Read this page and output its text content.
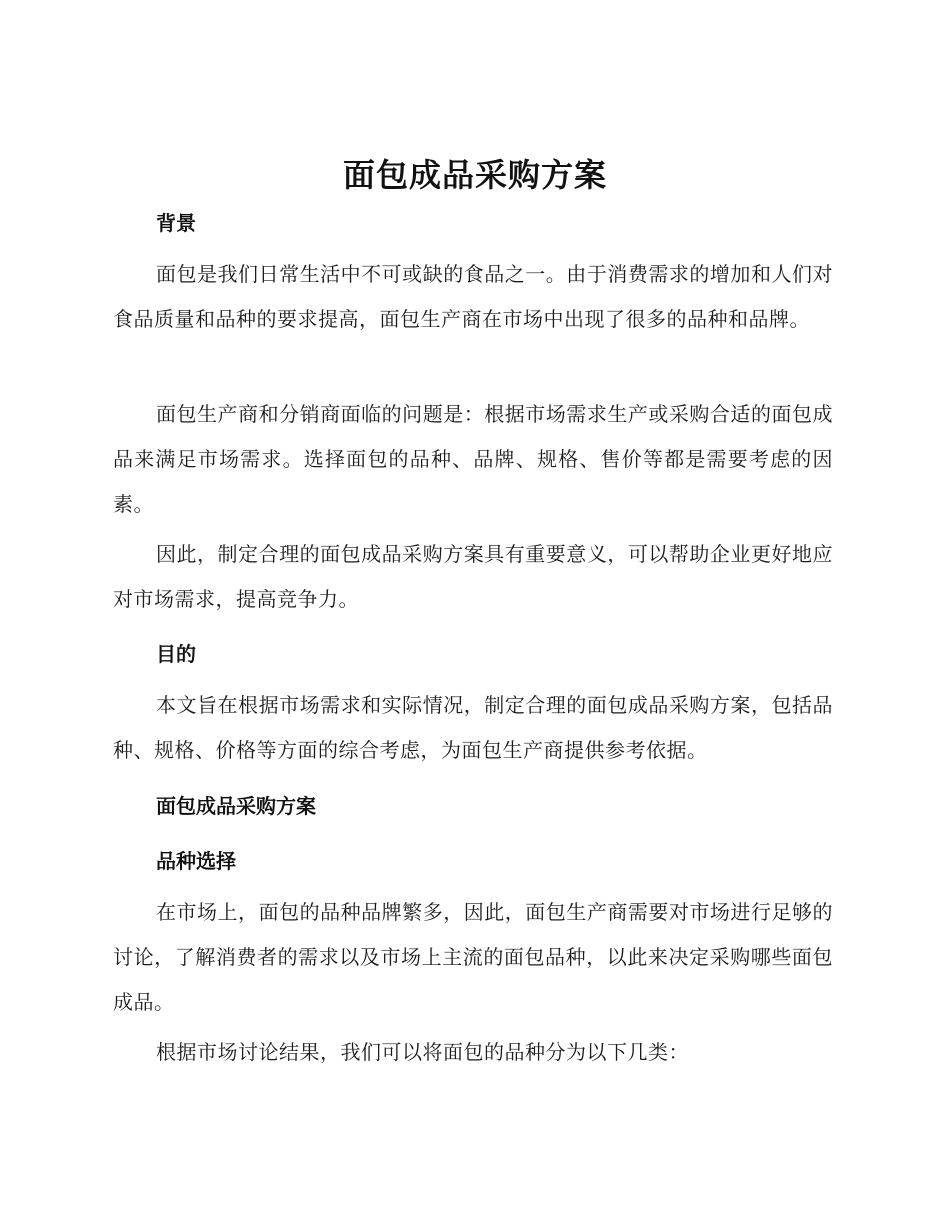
面包成品采购方案
背景
面包是我们日常生活中不可或缺的食品之一。由于消费需求的增加和人们对食品质量和品种的要求提高，面包生产商在市场中出现了很多的品种和品牌。
面包生产商和分销商面临的问题是：根据市场需求生产或采购合适的面包成品来满足市场需求。选择面包的品种、品牌、规格、售价等都是需要考虑的因素。
因此，制定合理的面包成品采购方案具有重要意义，可以帮助企业更好地应对市场需求，提高竞争力。
目的
本文旨在根据市场需求和实际情况，制定合理的面包成品采购方案，包括品种、规格、价格等方面的综合考虑，为面包生产商提供参考依据。
面包成品采购方案
品种选择
在市场上，面包的品种品牌繁多，因此，面包生产商需要对市场进行足够的讨论，了解消费者的需求以及市场上主流的面包品种，以此来决定采购哪些面包成品。
根据市场讨论结果，我们可以将面包的品种分为以下几类：
